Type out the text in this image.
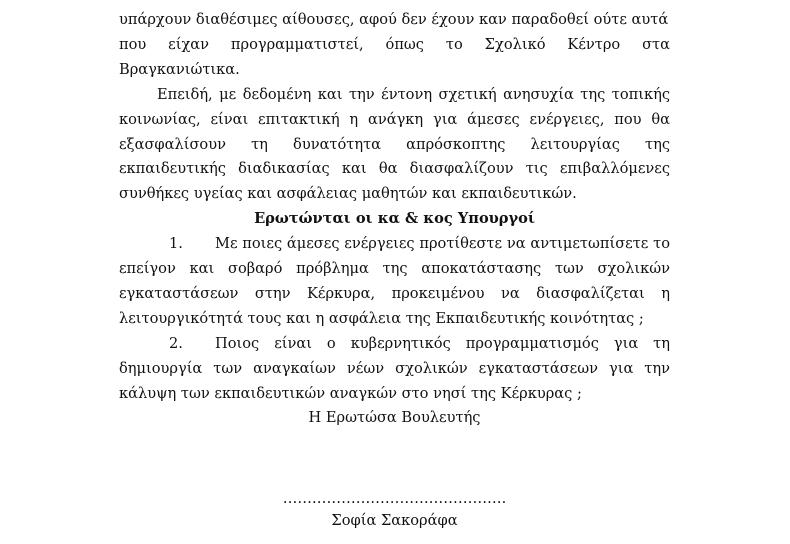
υπάρχουν διαθέσιμες αίθουσες, αφού δεν έχουν καν παραδοθεί ούτε αυτά
που είχαν προγραμματιστεί, όπως το Σχολικό Κέντρο στα Βραγκανιώτικα.

Επειδή, με δεδομένη και την έντονη σχετική ανησυχία της τοπικής κοινωνίας, είναι επιτακτική η ανάγκη για άμεσες ενέργειες, που θα εξασφαλίσουν τη δυνατότητα απρόσκοπτης λειτουργίας της εκπαιδευτικής διαδικασίας και θα διασφαλίζουν τις επιβαλλόμενες συνθήκες υγείας και ασφάλειας μαθητών και εκπαιδευτικών.

Ερωτώνται οι κα & κος Υπουργοί

1. Με ποιες άμεσες ενέργειες προτίθεστε να αντιμετωπίσετε το επείγον και σοβαρό πρόβλημα της αποκατάστασης των σχολικών εγκαταστάσεων στην Κέρκυρα, προκειμένου να διασφαλίζεται η λειτουργικότητά τους και η ασφάλεια της Εκπαιδευτικής κοινότητας ;

2. Ποιος είναι ο κυβερνητικός προγραμματισμός για τη δημιουργία των αναγκαίων νέων σχολικών εγκαταστάσεων για την κάλυψη των εκπαιδευτικών αναγκών στο νησί της Κέρκυρας ;

Η Ερωτώσα Βουλευτής
……………………………………….
Σοφία Σακοράφα
